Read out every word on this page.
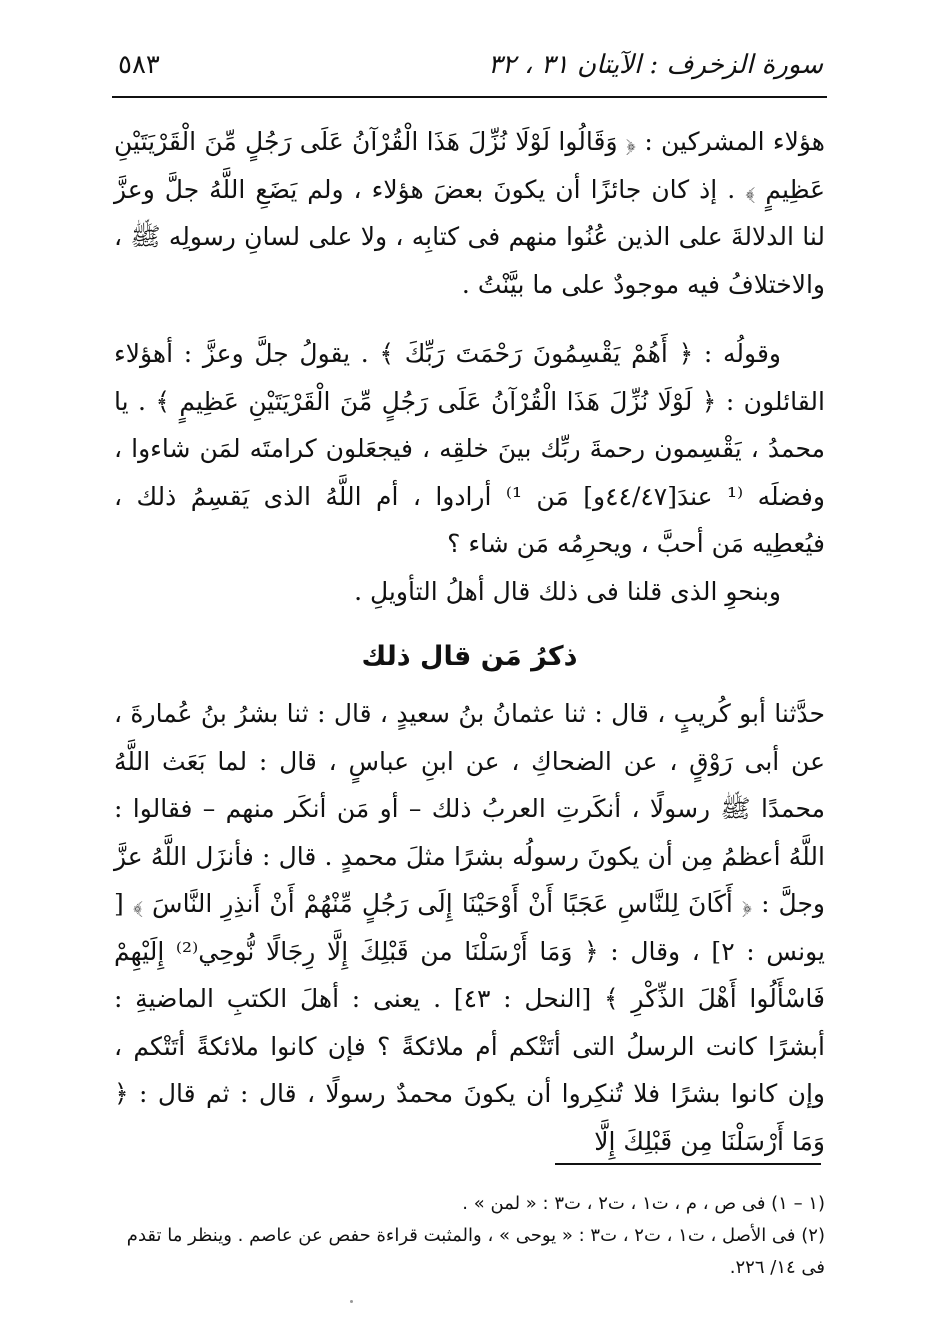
٥٨٣	سورة الزخرف : الآيتان ٣١ ، ٣٢

هؤلاء المشركين : ﴿ وَقَالُوا لَوْلَا نُزِّلَ هَذَا الْقُرْآنُ عَلَى رَجُلٍ مِّنَ الْقَرْيَتَيْنِ عَظِيمٍ ﴾ . إذ كان جائزًا أن يكونَ بعضَ هؤلاء ، ولم يَضَعِ اللَّهُ جلَّ وعزَّ لنا الدلالةَ على الذين عُنُوا منهم فى كتابِه ، ولا على لسانِ رسولِه ﷺ ، والاختلافُ فيه موجودٌ على ما بيَّنْتُ .

وقولُه : ﴿ أَهُمْ يَقْسِمُونَ رَحْمَتَ رَبِّكَ ﴾ . يقولُ جلَّ وعزَّ : أهؤلاء القائلون : ﴿ لَوْلَا نُزِّلَ هَذَا الْقُرْآنُ عَلَى رَجُلٍ مِّنَ الْقَرْيَتَيْنِ عَظِيمٍ ﴾ . يا محمدُ ، يَقْسِمون رحمةَ ربِّك بينَ خلقِه ، فيجعَلون كرامتَه لمَن شاءوا ، وفضلَه ⁽¹ عندَ[٤٤/٤٧و] مَن ¹⁾ أرادوا ، أم اللَّهُ الذى يَقسِمُ ذلك ، فيُعطِيه مَن أحبَّ ، ويحرِمُه مَن شاء ؟

وبنحوِ الذى قلنا فى ذلك قال أهلُ التأويلِ .

ذكرُ مَن قال ذلك

حدَّثنا أبو كُريبٍ ، قال : ثنا عثمانُ بنُ سعيدٍ ، قال : ثنا بشرُ بنُ عُمارةَ ، عن أبى رَوْقٍ ، عن الضحاكِ ، عن ابنِ عباسٍ ، قال : لما بَعَث اللَّهُ محمدًا ﷺ رسولًا ، أنكَرتِ العربُ ذلك – أو مَن أنكَر منهم – فقالوا : اللَّهُ أعظمُ مِن أن يكونَ رسولُه بشرًا مثلَ محمدٍ . قال : فأنزَل اللَّهُ عزَّ وجلَّ : ﴿ أَكَانَ لِلنَّاسِ عَجَبًا أَنْ أَوْحَيْنَا إِلَى رَجُلٍ مِّنْهُمْ أَنْ أَنذِرِ النَّاسَ ﴾ [ يونس : ٢] ، وقال : ﴿ وَمَا أَرْسَلْنَا من قَبْلِكَ إِلَّا رِجَالًا نُّوحِي⁽²⁾ إِلَيْهِمْ فَاسْأَلُوا أَهْلَ الذِّكْرِ ﴾ [النحل : ٤٣] . يعنى : أهلَ الكتبِ الماضيةِ : أبشرًا كانت الرسلُ التى أتَتْكم أم ملائكةً ؟ فإن كانوا ملائكةً أتَتْكم ، وإن كانوا بشرًا فلا تُنكِروا أن يكونَ محمدٌ رسولًا ، قال : ثم قال : ﴿ وَمَا أَرْسَلْنَا مِن قَبْلِكَ إِلَّا

(١ – ١) فى ص ، م ، ت١ ، ت٢ ، ت٣ : « لمن » .

(٢) فى الأصل ، ت١ ، ت٢ ، ت٣ : « يوحى » ، والمثبت قراءة حفص عن عاصم . وينظر ما تقدم فى ١٤/ ٢٢٦.
